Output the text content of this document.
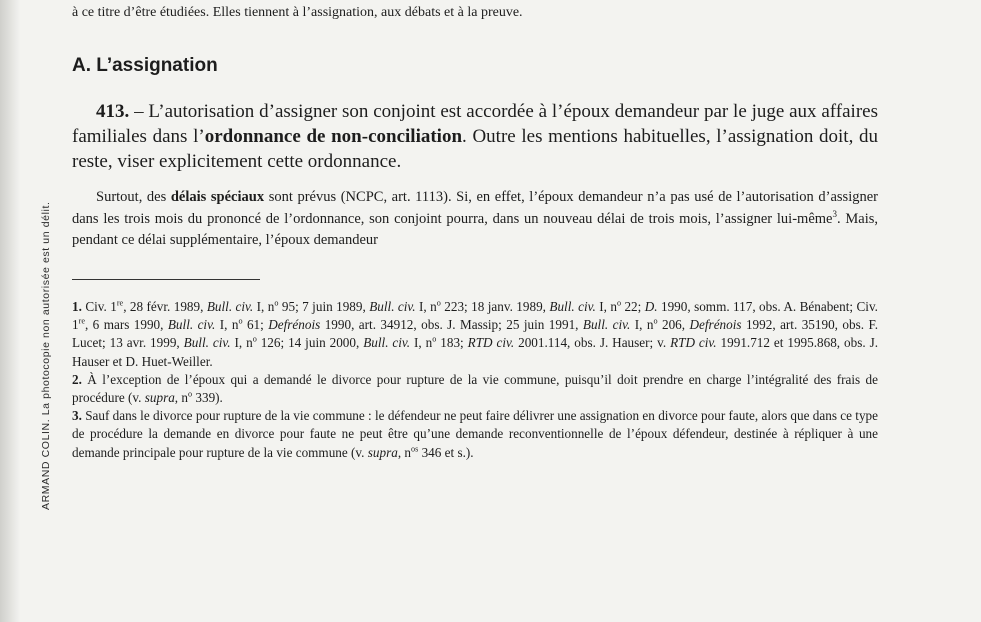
ARMAND COLIN. La photocopie non autorisée est un délit.
à ce titre d’être étudiées. Elles tiennent à l’assignation, aux débats et à la preuve.
A. L’assignation

413. – L’autorisation d’assigner son conjoint est accordée à l’époux demandeur par le juge aux affaires familiales dans l’ordonnance de non-conciliation. Outre les mentions habituelles, l’assignation doit, du reste, viser explicitement cette ordonnance.

Surtout, des délais spéciaux sont prévus (NCPC, art. 1113). Si, en effet, l’époux demandeur n’a pas usé de l’autorisation d’assigner dans les trois mois du prononcé de l’ordonnance, son conjoint pourra, dans un nouveau délai de trois mois, l’assigner lui-même$^3$. Mais, pendant ce délai supplémentaire, l’époux demandeur

1. Civ. 1re, 28 févr. 1989, Bull. civ. I, $n^o$ 95; 7 juin 1989, Bull. civ. I, $n^o$ 223; 18 janv. 1989, Bull. civ. I, $n^o$ 22; D. 1990, somm. 117, obs. A. Bénabent; Civ. 1re, 6 mars 1990, Bull. civ. I, $n^o$ 61; Defrénois 1990, art. 34912, obs. J. Massip; 25 juin 1991, Bull. civ. I, $n^o$ 206, Defrénois 1992, art. 35190, obs. F. Lucet; 13 avr. 1999, Bull. civ. I, $n^o$ 126; 14 juin 2000, Bull. civ. I, $n^o$ 183; RTD civ. 2001.114, obs. J. Hauser; v. RTD civ. 1991.712 et 1995.868, obs. J. Hauser et D. Huet-Weiller.

2. À l’exception de l’époux qui a demandé le divorce pour rupture de la vie commune, puisqu’il doit prendre en charge l’intégralité des frais de procédure (v. supra, $n^o$ 339).

3. Sauf dans le divorce pour rupture de la vie commune : le défendeur ne peut faire délivrer une assignation en divorce pour faute, alors que dans ce type de procédure la demande en divorce pour faute ne peut être qu’une demande reconventionnelle de l’époux défendeur, destinée à répliquer à une demande principale pour rupture de la vie commune (v. supra, $n^{os}$ 346 et s.).
